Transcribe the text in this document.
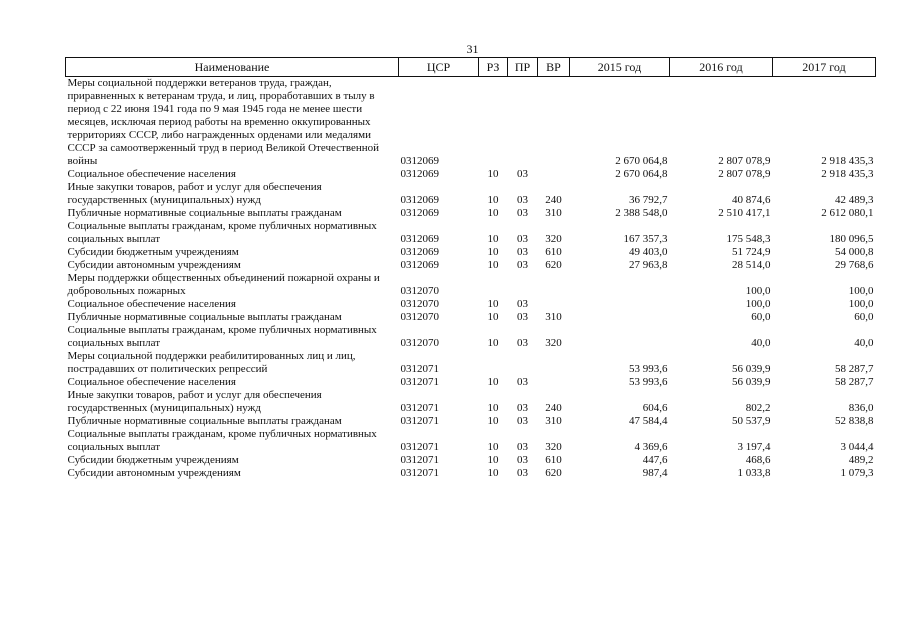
31
Наименование	ЦСР	РЗ	ПР	ВР	2015 год	2016 год	2017 год
Меры социальной поддержки ветеранов труда, граждан, приравненных к ветеранам труда, и лиц, проработавших в тылу в период с 22 июня 1941 года по 9 мая 1945 года не менее шести месяцев, исключая период работы на временно оккупированных территориях СССР, либо награжденных орденами или медалями СССР за самоотверженный труд в период Великой Отечественной войны	0312069				2 670 064,8	2 807 078,9	2 918 435,3
Социальное обеспечение населения	0312069	10	03		2 670 064,8	2 807 078,9	2 918 435,3
Иные закупки товаров, работ и услуг для обеспечения государственных (муниципальных) нужд	0312069	10	03	240	36 792,7	40 874,6	42 489,3
Публичные нормативные социальные выплаты гражданам	0312069	10	03	310	2 388 548,0	2 510 417,1	2 612 080,1
Социальные выплаты гражданам, кроме публичных нормативных социальных выплат	0312069	10	03	320	167 357,3	175 548,3	180 096,5
Субсидии бюджетным учреждениям	0312069	10	03	610	49 403,0	51 724,9	54 000,8
Субсидии автономным учреждениям	0312069	10	03	620	27 963,8	28 514,0	29 768,6
Меры поддержки общественных объединений пожарной охраны и добровольных пожарных	0312070					100,0	100,0
Социальное обеспечение населения	0312070	10	03			100,0	100,0
Публичные нормативные социальные выплаты гражданам	0312070	10	03	310		60,0	60,0
Социальные выплаты гражданам, кроме публичных нормативных социальных выплат	0312070	10	03	320		40,0	40,0
Меры социальной поддержки реабилитированных лиц и лиц, пострадавших от политических репрессий	0312071				53 993,6	56 039,9	58 287,7
Социальное обеспечение населения	0312071	10	03		53 993,6	56 039,9	58 287,7
Иные закупки товаров, работ и услуг для обеспечения государственных (муниципальных) нужд	0312071	10	03	240	604,6	802,2	836,0
Публичные нормативные социальные выплаты гражданам	0312071	10	03	310	47 584,4	50 537,9	52 838,8
Социальные выплаты гражданам, кроме публичных нормативных социальных выплат	0312071	10	03	320	4 369,6	3 197,4	3 044,4
Субсидии бюджетным учреждениям	0312071	10	03	610	447,6	468,6	489,2
Субсидии автономным учреждениям	0312071	10	03	620	987,4	1 033,8	1 079,3
